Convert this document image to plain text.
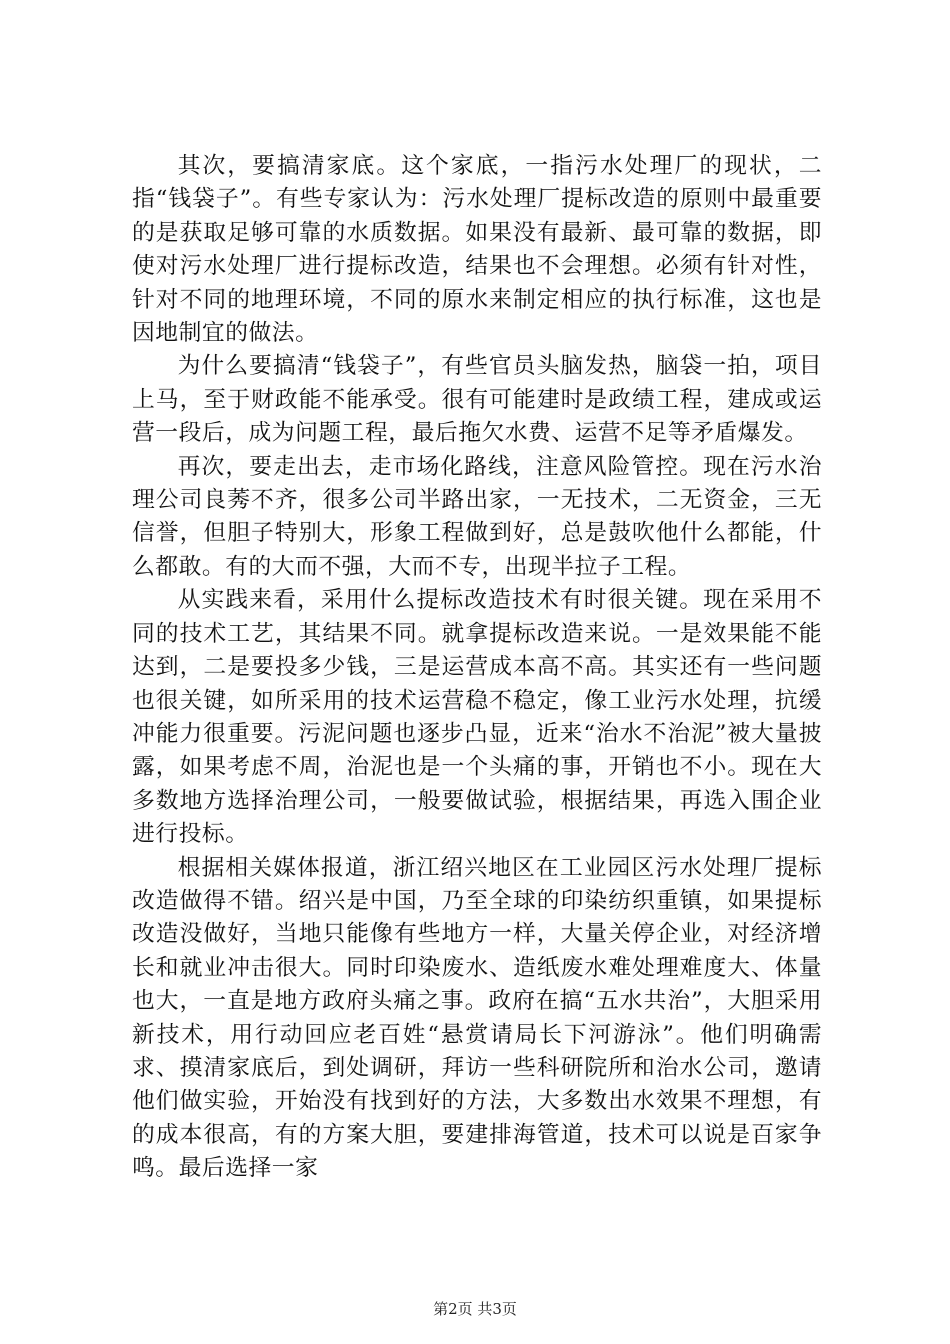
其次，要搞清家底。这个家底，一指污水处理厂的现状，二指“钱袋子”。有些专家认为：污水处理厂提标改造的原则中最重要的是获取足够可靠的水质数据。如果没有最新、最可靠的数据，即使对污水处理厂进行提标改造，结果也不会理想。必须有针对性，针对不同的地理环境，不同的原水来制定相应的执行标准，这也是因地制宜的做法。

为什么要搞清“钱袋子”，有些官员头脑发热，脑袋一拍，项目上马，至于财政能不能承受。很有可能建时是政绩工程，建成或运营一段后，成为问题工程，最后拖欠水费、运营不足等矛盾爆发。

再次，要走出去，走市场化路线，注意风险管控。现在污水治理公司良莠不齐，很多公司半路出家，一无技术，二无资金，三无信誉，但胆子特别大，形象工程做到好，总是鼓吹他什么都能，什么都敢。有的大而不强，大而不专，出现半拉子工程。

从实践来看，采用什么提标改造技术有时很关键。现在采用不同的技术工艺，其结果不同。就拿提标改造来说。一是效果能不能达到，二是要投多少钱，三是运营成本高不高。其实还有一些问题也很关键，如所采用的技术运营稳不稳定，像工业污水处理，抗缓冲能力很重要。污泥问题也逐步凸显，近来“治水不治泥”被大量披露，如果考虑不周，治泥也是一个头痛的事，开销也不小。现在大多数地方选择治理公司，一般要做试验，根据结果，再选入围企业进行投标。

根据相关媒体报道，浙江绍兴地区在工业园区污水处理厂提标改造做得不错。绍兴是中国，乃至全球的印染纺织重镇，如果提标改造没做好，当地只能像有些地方一样，大量关停企业，对经济增长和就业冲击很大。同时印染废水、造纸废水难处理难度大、体量也大，一直是地方政府头痛之事。政府在搞“五水共治”，大胆采用新技术，用行动回应老百姓“悬赏请局长下河游泳”。他们明确需求、摸清家底后，到处调研，拜访一些科研院所和治水公司，邀请他们做实验，开始没有找到好的方法，大多数出水效果不理想，有的成本很高，有的方案大胆，要建排海管道，技术可以说是百家争鸣。最后选择一家

第2页 共3页
